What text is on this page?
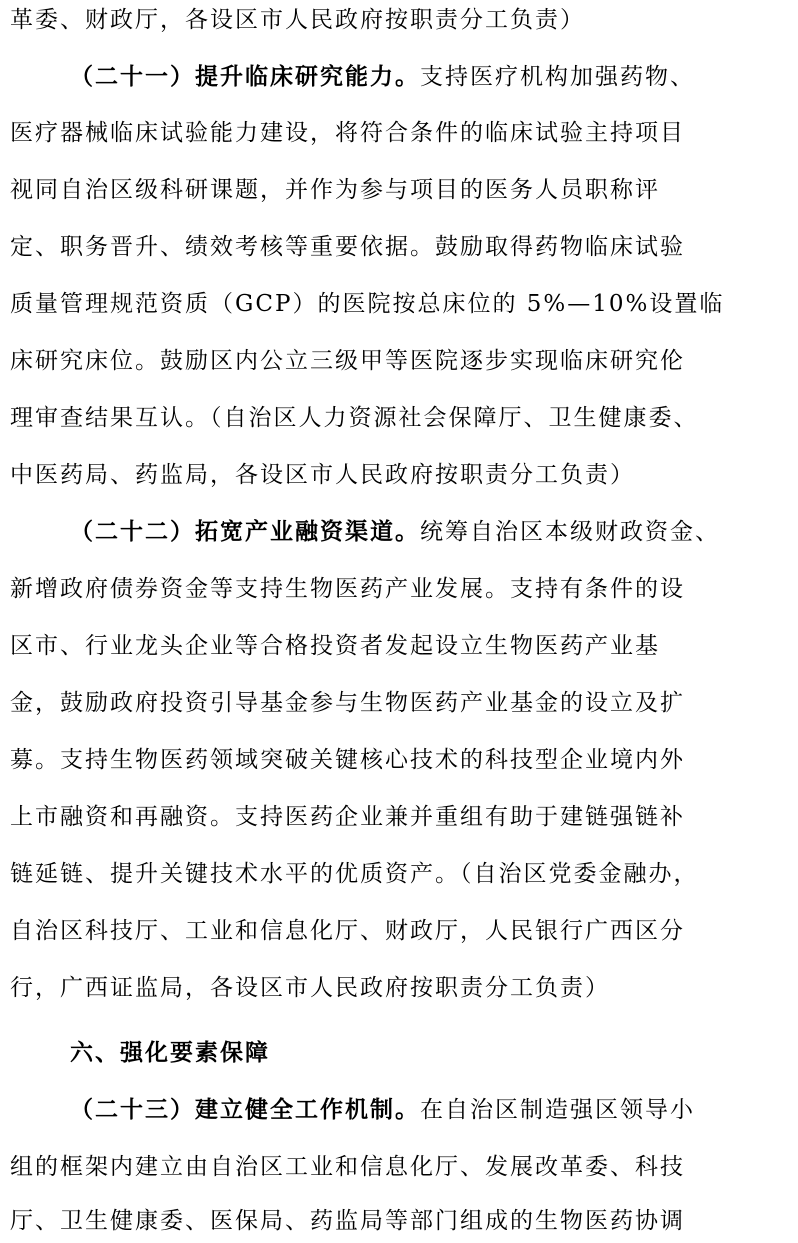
革委、财政厅，各设区市人民政府按职责分工负责）
（二十一）提升临床研究能力。支持医疗机构加强药物、
医疗器械临床试验能力建设，将符合条件的临床试验主持项目
视同自治区级科研课题，并作为参与项目的医务人员职称评
定、职务晋升、绩效考核等重要依据。鼓励取得药物临床试验
质量管理规范资质（GCP）的医院按总床位的 5%—10%设置临
床研究床位。鼓励区内公立三级甲等医院逐步实现临床研究伦
理审查结果互认。（自治区人力资源社会保障厅、卫生健康委、
中医药局、药监局，各设区市人民政府按职责分工负责）
（二十二）拓宽产业融资渠道。统筹自治区本级财政资金、
新增政府债券资金等支持生物医药产业发展。支持有条件的设
区市、行业龙头企业等合格投资者发起设立生物医药产业基
金，鼓励政府投资引导基金参与生物医药产业基金的设立及扩
募。支持生物医药领域突破关键核心技术的科技型企业境内外
上市融资和再融资。支持医药企业兼并重组有助于建链强链补
链延链、提升关键技术水平的优质资产。（自治区党委金融办，
自治区科技厅、工业和信息化厅、财政厅，人民银行广西区分
行，广西证监局，各设区市人民政府按职责分工负责）
六、强化要素保障
（二十三）建立健全工作机制。在自治区制造强区领导小
组的框架内建立由自治区工业和信息化厅、发展改革委、科技
厅、卫生健康委、医保局、药监局等部门组成的生物医药协调
